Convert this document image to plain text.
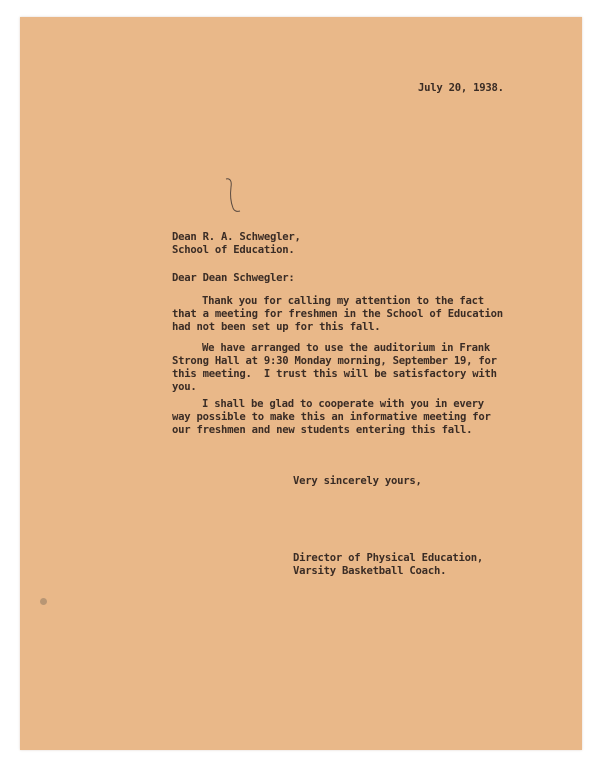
July 20, 1938.
Dean R. A. Schwegler,
School of Education.
Dear Dean Schwegler:
Thank you for calling my attention to the fact
that a meeting for freshmen in the School of Education
had not been set up for this fall.
We have arranged to use the auditorium in Frank
Strong Hall at 9:30 Monday morning, September 19, for
this meeting.  I trust this will be satisfactory with
you.
I shall be glad to cooperate with you in every
way possible to make this an informative meeting for
our freshmen and new students entering this fall.
Very sincerely yours,
Director of Physical Education,
Varsity Basketball Coach.
